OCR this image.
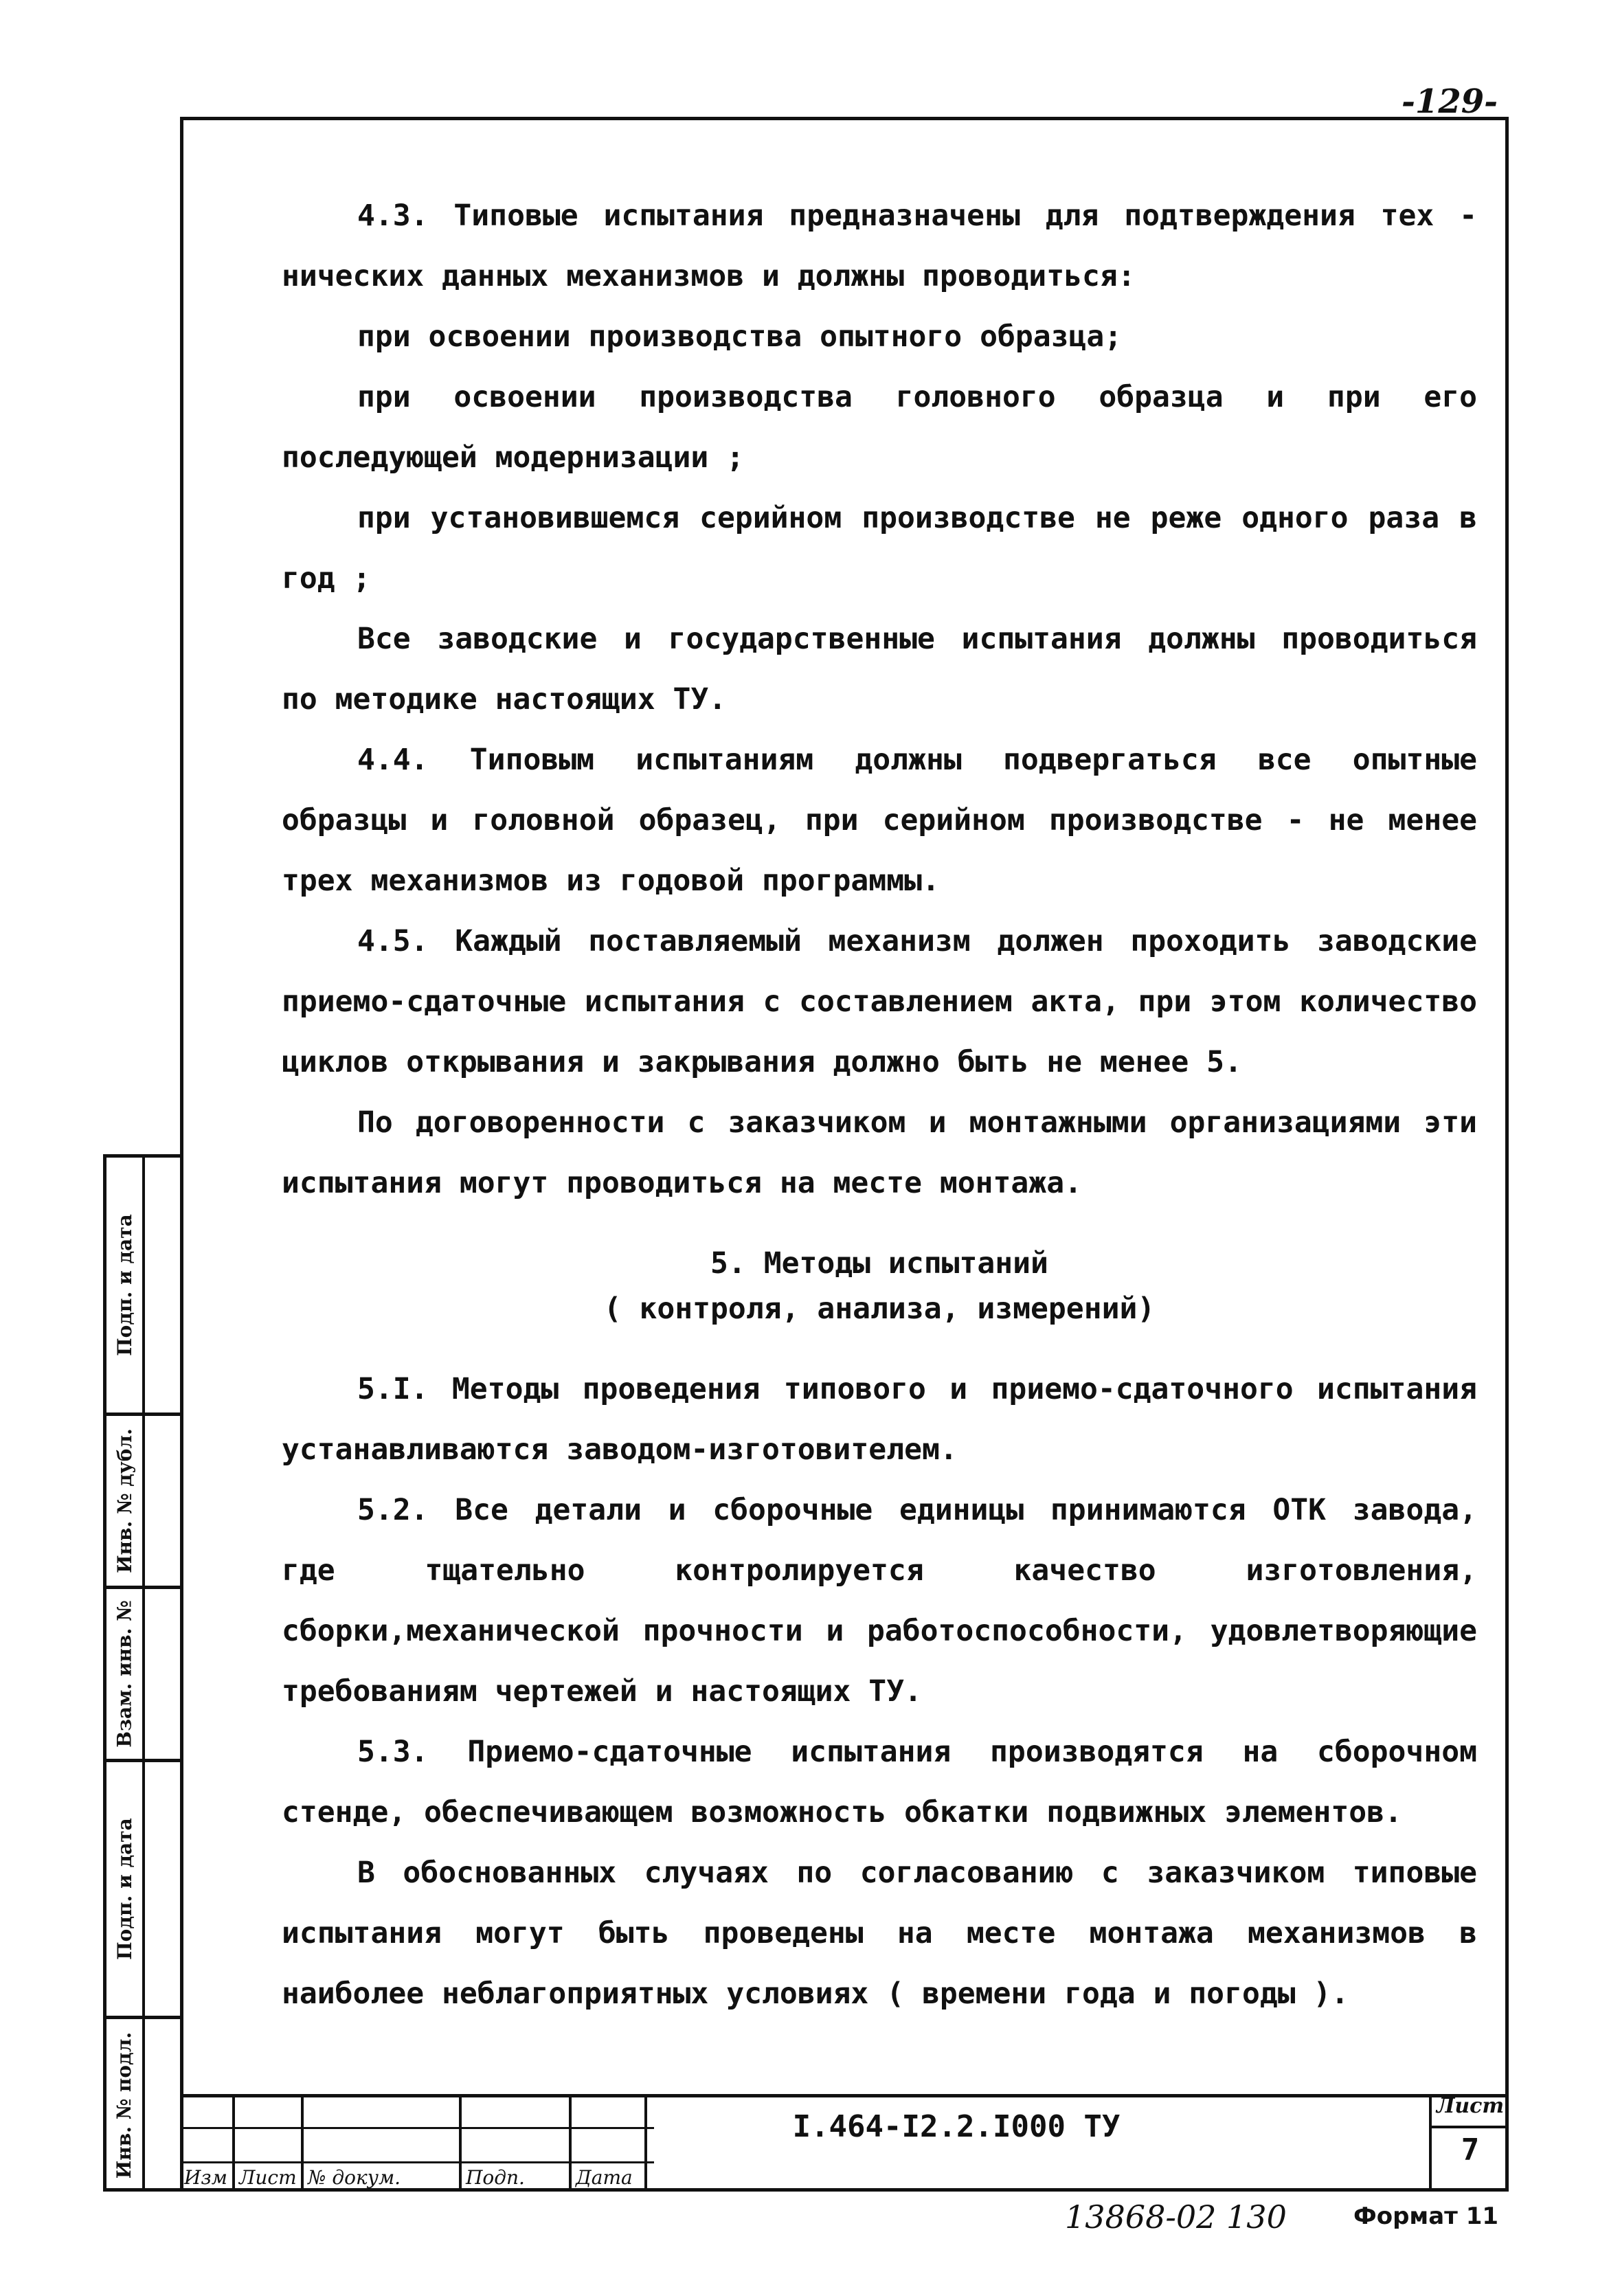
-129-

4.3. Типовые испытания предназначены для подтверждения тех - нических данных механизмов и должны проводиться:

при освоении производства опытного образца;

при освоении производства головного образца и при его последующей модернизации ;

при установившемся серийном производстве не реже одного раза в год ;

Все заводские и государственные испытания должны проводиться по методике настоящих ТУ.

4.4. Типовым испытаниям должны подвергаться все опытные образцы и головной образец, при серийном производстве - не менее трех механизмов из годовой программы.

4.5. Каждый поставляемый механизм должен проходить заводские приемо-сдаточные испытания с составлением акта, при этом количество циклов открывания и закрывания должно быть не менее 5.

По договоренности с заказчиком и монтажными организациями эти испытания могут проводиться на месте монтажа.

5. Методы испытаний
( контроля, анализа, измерений)

5.I. Методы проведения типового и приемо-сдаточного испытания устанавливаются заводом-изготовителем.

5.2. Все детали и сборочные единицы принимаются ОТК завода, где тщательно контролируется качество изготовления, сборки,механической прочности и работоспособности, удовлетворяющие требованиям чертежей и настоящих ТУ.

5.3. Приемо-сдаточные испытания производятся на сборочном стенде, обеспечивающем возможность обкатки подвижных элементов.

В обоснованных случаях по согласованию с заказчиком типовые испытания могут быть проведены на месте монтажа механизмов в наиболее неблагоприятных условиях ( времени года и погоды ).

Подп. и дата
Инв. № дубл.
Взам. инв. №
Подп. и дата
Инв. № подл.	Изм Лист № докум.	Подп.	Дата
I.464-I2.2.I000 ТУ
Лист
7
13868-02 130	Формат 11
